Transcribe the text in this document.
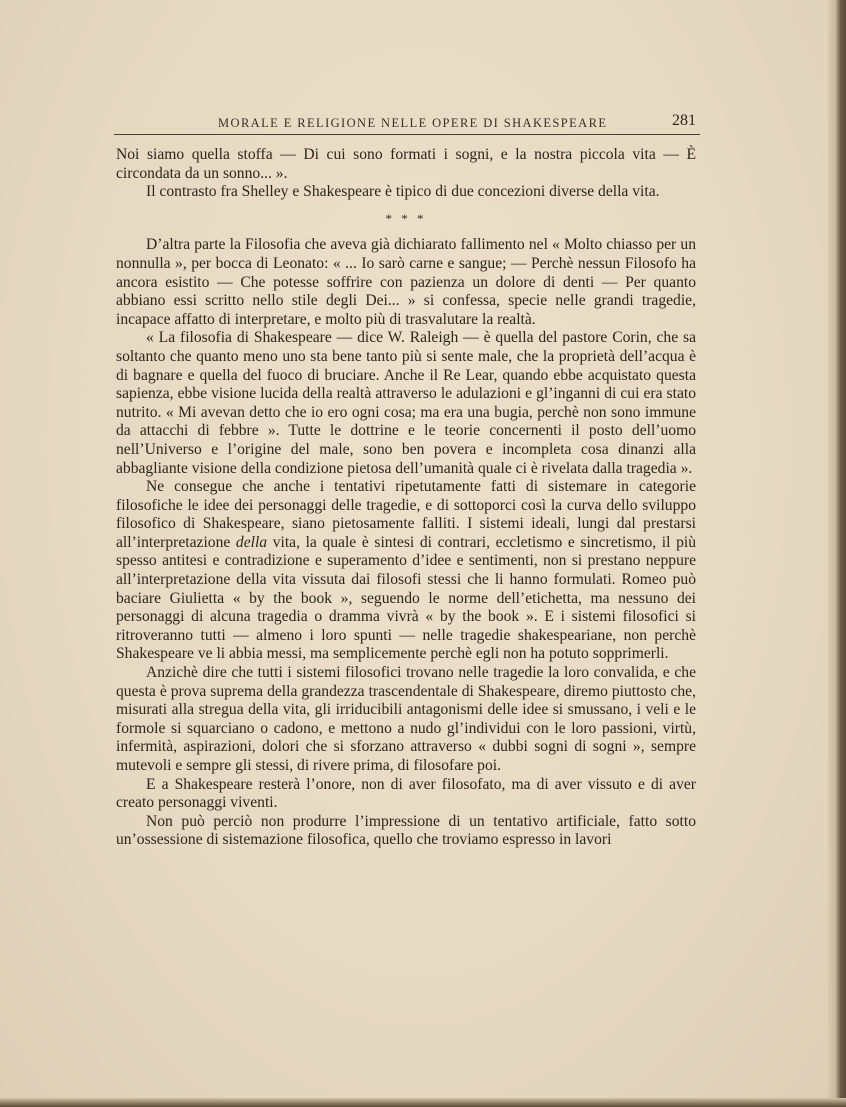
MORALE E RELIGIONE NELLE OPERE DI SHAKESPEARE	281

Noi siamo quella stoffa — Di cui sono formati i sogni, e la nostra piccola vita — È circondata da un sonno... ».

Il contrasto fra Shelley e Shakespeare è tipico di due concezioni diverse della vita.

* * *

D’altra parte la Filosofia che aveva già dichiarato fallimento nel « Molto chiasso per un nonnulla », per bocca di Leonato: « ... Io sarò carne e sangue; — Perchè nessun Filosofo ha ancora esistito — Che potesse soffrire con pazienza un dolore di denti — Per quanto abbiano essi scritto nello stile degli Dei... » si confessa, specie nelle grandi tragedie, incapace affatto di interpretare, e molto più di trasvalutare la realtà.

« La filosofia di Shakespeare — dice W. Raleigh — è quella del pastore Corin, che sa soltanto che quanto meno uno sta bene tanto più si sente male, che la proprietà dell’acqua è di bagnare e quella del fuoco di bruciare. Anche il Re Lear, quando ebbe acquistato questa sapienza, ebbe visione lucida della realtà attraverso le adulazioni e gl’inganni di cui era stato nutrito. « Mi avevan detto che io ero ogni cosa; ma era una bugia, perchè non sono immune da attacchi di febbre ». Tutte le dottrine e le teorie concernenti il posto dell’uomo nell’Universo e l’origine del male, sono ben povera e incompleta cosa dinanzi alla abbagliante visione della condizione pietosa dell’umanità quale ci è rivelata dalla tragedia ».

Ne consegue che anche i tentativi ripetutamente fatti di sistemare in categorie filosofiche le idee dei personaggi delle tragedie, e di sottoporci così la curva dello sviluppo filosofico di Shakespeare, siano pietosamente falliti. I sistemi ideali, lungi dal prestarsi all’interpretazione della vita, la quale è sintesi di contrari, eccletismo e sincretismo, il più spesso antitesi e contradizione e superamento d’idee e sentimenti, non si prestano neppure all’interpretazione della vita vissuta dai filosofi stessi che li hanno formulati. Romeo può baciare Giulietta « by the book », seguendo le norme dell’etichetta, ma nessuno dei personaggi di alcuna tragedia o dramma vivrà « by the book ». E i sistemi filosofici si ritroveranno tutti — almeno i loro spunti — nelle tragedie shakespeariane, non perchè Shakespeare ve li abbia messi, ma semplicemente perchè egli non ha potuto sopprimerli.

Anzichè dire che tutti i sistemi filosofici trovano nelle tragedie la loro convalida, e che questa è prova suprema della grandezza trascendentale di Shakespeare, diremo piuttosto che, misurati alla stregua della vita, gli irriducibili antagonismi delle idee si smussano, i veli e le formole si squarciano o cadono, e mettono a nudo gl’individui con le loro passioni, virtù, infermità, aspirazioni, dolori che si sforzano attraverso « dubbi sogni di sogni », sempre mutevoli e sempre gli stessi, di rivere prima, di filosofare poi.

E a Shakespeare resterà l’onore, non di aver filosofato, ma di aver vissuto e di aver creato personaggi viventi.

Non può perciò non produrre l’impressione di un tentativo artificiale, fatto sotto un’ossessione di sistemazione filosofica, quello che troviamo espresso in lavori
